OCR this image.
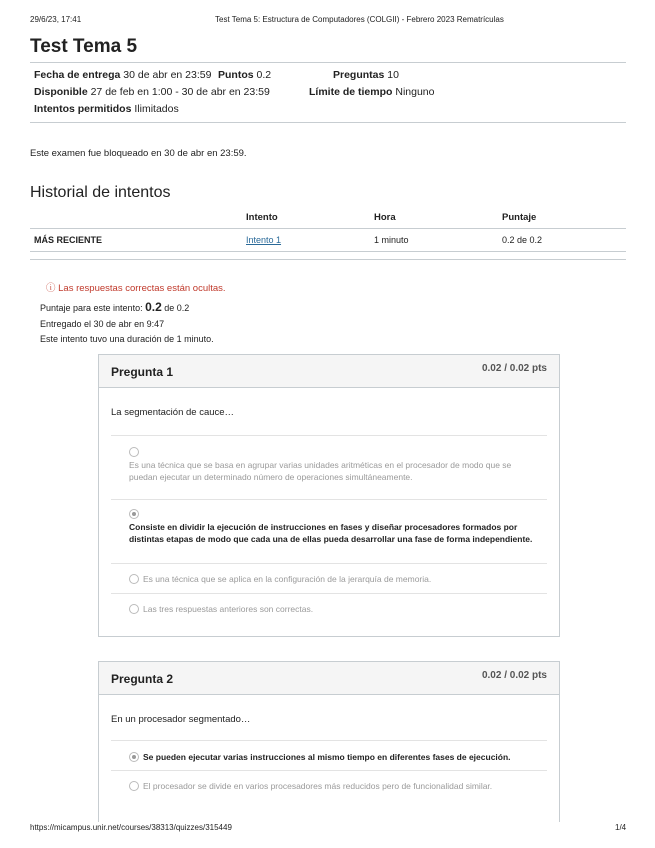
29/6/23, 17:41	Test Tema 5: Estructura de Computadores (COLGII) - Febrero 2023 Rematrículas
Test Tema 5
Fecha de entrega 30 de abr en 23:59 Puntos 0.2	Preguntas 10
Disponible 27 de feb en 1:00 - 30 de abr en 23:59	Límite de tiempo Ninguno
Intentos permitidos Ilimitados
Este examen fue bloqueado en 30 de abr en 23:59.
Historial de intentos
	Intento	Hora	Puntaje
MÁS RECIENTE	Intento 1	1 minuto	0.2 de 0.2
ⓘ Las respuestas correctas están ocultas.
Puntaje para este intento: 0.2 de 0.2
Entregado el 30 de abr en 9:47
Este intento tuvo una duración de 1 minuto.
Pregunta 1	0.02 / 0.02 pts
La segmentación de cauce…
Es una técnica que se basa en agrupar varias unidades aritméticas en el procesador de modo que se puedan ejecutar un determinado número de operaciones simultáneamente.
Consiste en dividir la ejecución de instrucciones en fases y diseñar procesadores formados por distintas etapas de modo que cada una de ellas pueda desarrollar una fase de forma independiente.
Es una técnica que se aplica en la configuración de la jerarquía de memoria.
Las tres respuestas anteriores son correctas.
Pregunta 2	0.02 / 0.02 pts
En un procesador segmentado…
Se pueden ejecutar varias instrucciones al mismo tiempo en diferentes fases de ejecución.
El procesador se divide en varios procesadores más reducidos pero de funcionalidad similar.
https://micampus.unir.net/courses/38313/quizzes/315449	1/4
